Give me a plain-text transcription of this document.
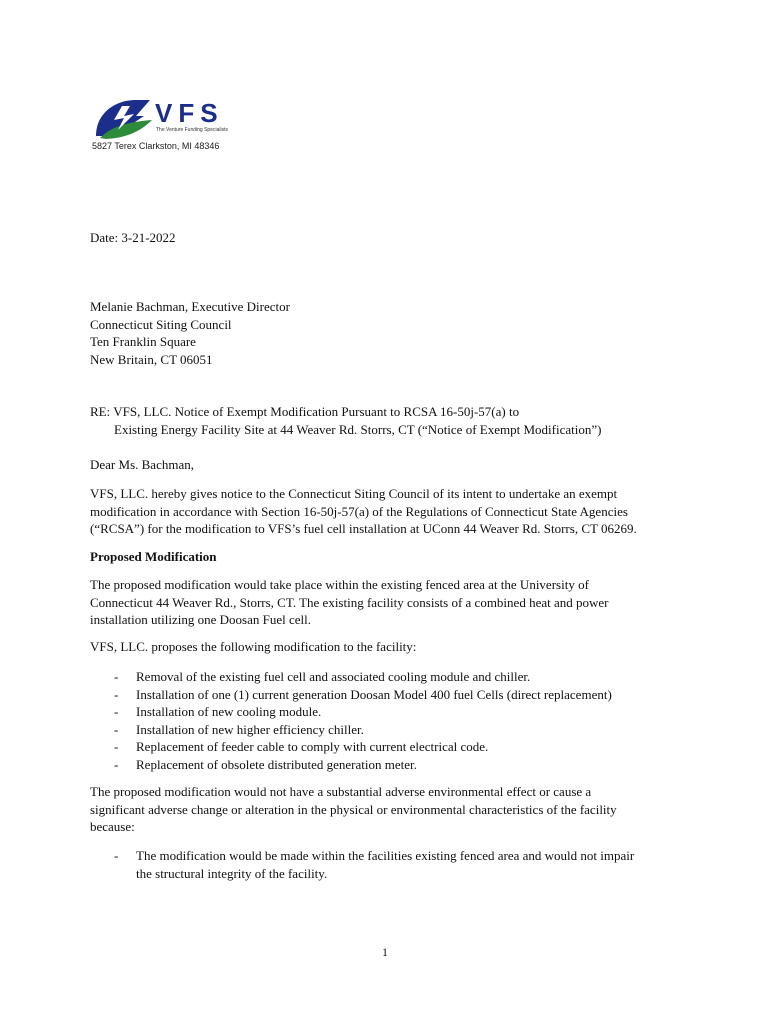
VFS
The Venture Funding Specialists
5827 Terex Clarkston, MI 48346
Date: 3-21-2022
Melanie Bachman, Executive Director
Connecticut Siting Council
Ten Franklin Square
New Britain, CT 06051
RE: VFS, LLC. Notice of Exempt Modification Pursuant to RCSA 16-50j-57(a) to
Existing Energy Facility Site at 44 Weaver Rd. Storrs, CT (“Notice of Exempt Modification”)
Dear Ms. Bachman,
VFS, LLC. hereby gives notice to the Connecticut Siting Council of its intent to undertake an exempt
modification in accordance with Section 16-50j-57(a) of the Regulations of Connecticut State Agencies
(“RCSA”) for the modification to VFS’s fuel cell installation at UConn 44 Weaver Rd. Storrs, CT 06269.
Proposed Modification
The proposed modification would take place within the existing fenced area at the University of
Connecticut 44 Weaver Rd., Storrs, CT. The existing facility consists of a combined heat and power
installation utilizing one Doosan Fuel cell.
VFS, LLC. proposes the following modification to the facility:
- Removal of the existing fuel cell and associated cooling module and chiller.
- Installation of one (1) current generation Doosan Model 400 fuel Cells (direct replacement)
- Installation of new cooling module.
- Installation of new higher efficiency chiller.
- Replacement of feeder cable to comply with current electrical code.
- Replacement of obsolete distributed generation meter.
The proposed modification would not have a substantial adverse environmental effect or cause a
significant adverse change or alteration in the physical or environmental characteristics of the facility
because:
- The modification would be made within the facilities existing fenced area and would not impair
the structural integrity of the facility.
1
